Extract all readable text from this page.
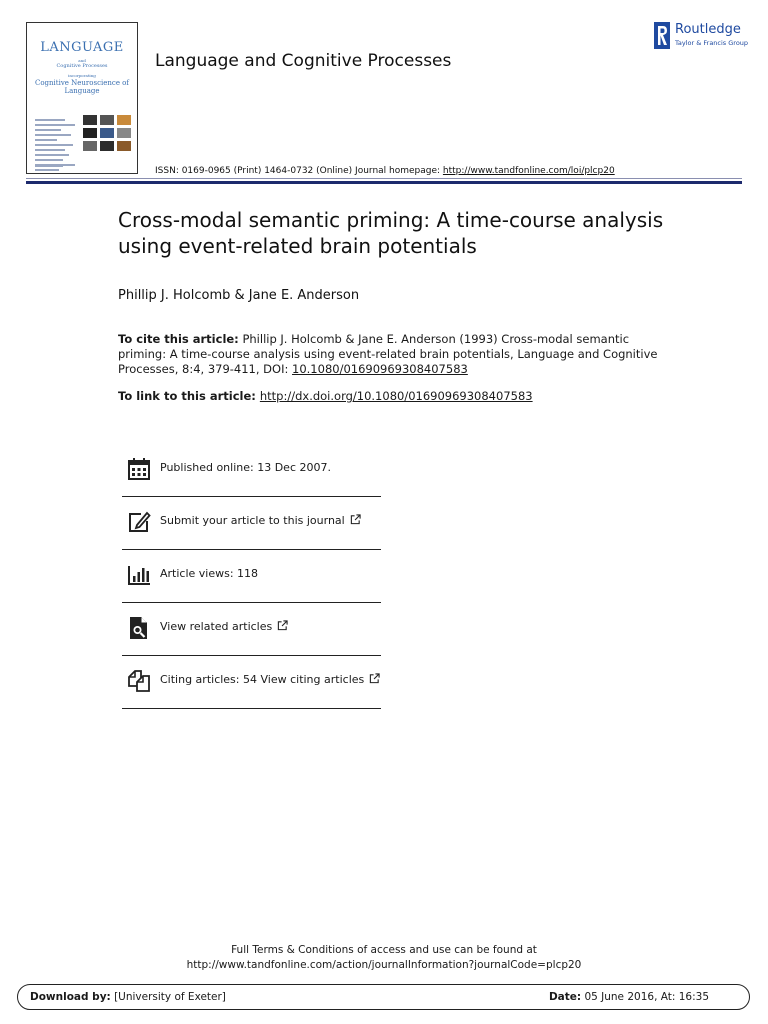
LANGUAGE
and
Cognitive Processes
incorporating
Cognitive Neuroscience of Language
Language and Cognitive Processes
Routledge
Taylor & Francis Group
ISSN: 0169-0965 (Print) 1464-0732 (Online) Journal homepage: http://www.tandfonline.com/loi/plcp20
Cross-modal semantic priming: A time-course analysis using event-related brain potentials
Phillip J. Holcomb & Jane E. Anderson
To cite this article: Phillip J. Holcomb & Jane E. Anderson (1993) Cross-modal semantic priming: A time-course analysis using event-related brain potentials, Language and Cognitive Processes, 8:4, 379-411, DOI: 10.1080/01690969308407583
To link to this article: http://dx.doi.org/10.1080/01690969308407583
Published online: 13 Dec 2007.
Submit your article to this journal
Article views: 118
View related articles
Citing articles: 54 View citing articles
Full Terms & Conditions of access and use can be found at
http://www.tandfonline.com/action/journalInformation?journalCode=plcp20
Download by: [University of Exeter]	Date: 05 June 2016, At: 16:35
